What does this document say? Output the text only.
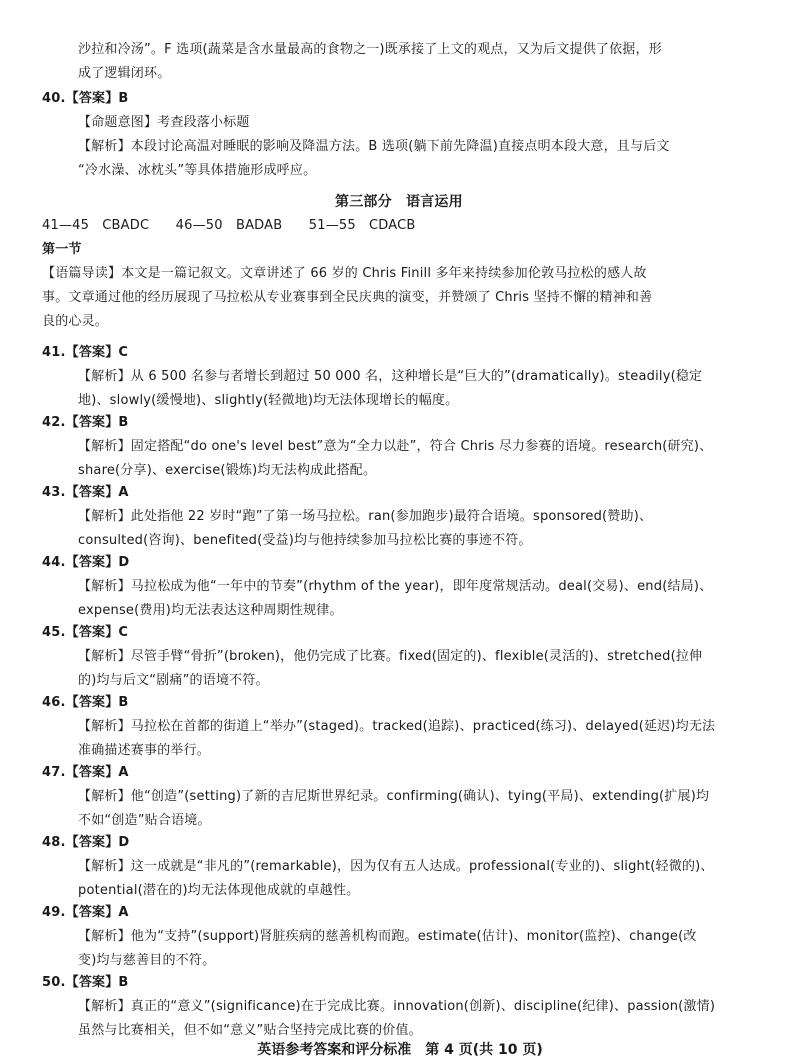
沙拉和冷汤”。F 选项(蔬菜是含水量最高的食物之一)既承接了上文的观点，又为后文提供了依据，形
成了逻辑闭环。
40.【答案】B
【命题意图】考查段落小标题
【解析】本段讨论高温对睡眠的影响及降温方法。B 选项(躺下前先降温)直接点明本段大意，且与后文
“冷水澡、冰枕头”等具体措施形成呼应。
第三部分　语言运用
41—45　CBADC　　46—50　BADAB　　51—55　CDACB
第一节
【语篇导读】本文是一篇记叙文。文章讲述了 66 岁的 Chris Finill 多年来持续参加伦敦马拉松的感人故
事。文章通过他的经历展现了马拉松从专业赛事到全民庆典的演变，并赞颂了 Chris 坚持不懈的精神和善
良的心灵。
41.【答案】C
【解析】从 6 500 名参与者增长到超过 50 000 名，这种增长是“巨大的”(dramatically)。steadily(稳定
地)、slowly(缓慢地)、slightly(轻微地)均无法体现增长的幅度。
42.【答案】B
【解析】固定搭配“do one's level best”意为“全力以赴”，符合 Chris 尽力参赛的语境。research(研究)、
share(分享)、exercise(锻炼)均无法构成此搭配。
43.【答案】A
【解析】此处指他 22 岁时“跑”了第一场马拉松。ran(参加跑步)最符合语境。sponsored(赞助)、
consulted(咨询)、benefited(受益)均与他持续参加马拉松比赛的事迹不符。
44.【答案】D
【解析】马拉松成为他“一年中的节奏”(rhythm of the year)，即年度常规活动。deal(交易)、end(结局)、
expense(费用)均无法表达这种周期性规律。
45.【答案】C
【解析】尽管手臂“骨折”(broken)，他仍完成了比赛。fixed(固定的)、flexible(灵活的)、stretched(拉伸
的)均与后文“剧痛”的语境不符。
46.【答案】B
【解析】马拉松在首都的街道上“举办”(staged)。tracked(追踪)、practiced(练习)、delayed(延迟)均无法
准确描述赛事的举行。
47.【答案】A
【解析】他“创造”(setting)了新的吉尼斯世界纪录。confirming(确认)、tying(平局)、extending(扩展)均
不如“创造”贴合语境。
48.【答案】D
【解析】这一成就是“非凡的”(remarkable)，因为仅有五人达成。professional(专业的)、slight(轻微的)、
potential(潜在的)均无法体现他成就的卓越性。
49.【答案】A
【解析】他为“支持”(support)肾脏疾病的慈善机构而跑。estimate(估计)、monitor(监控)、change(改
变)均与慈善目的不符。
50.【答案】B
【解析】真正的“意义”(significance)在于完成比赛。innovation(创新)、discipline(纪律)、passion(激情)
虽然与比赛相关，但不如“意义”贴合坚持完成比赛的价值。
英语参考答案和评分标准　第 4 页(共 10 页)
